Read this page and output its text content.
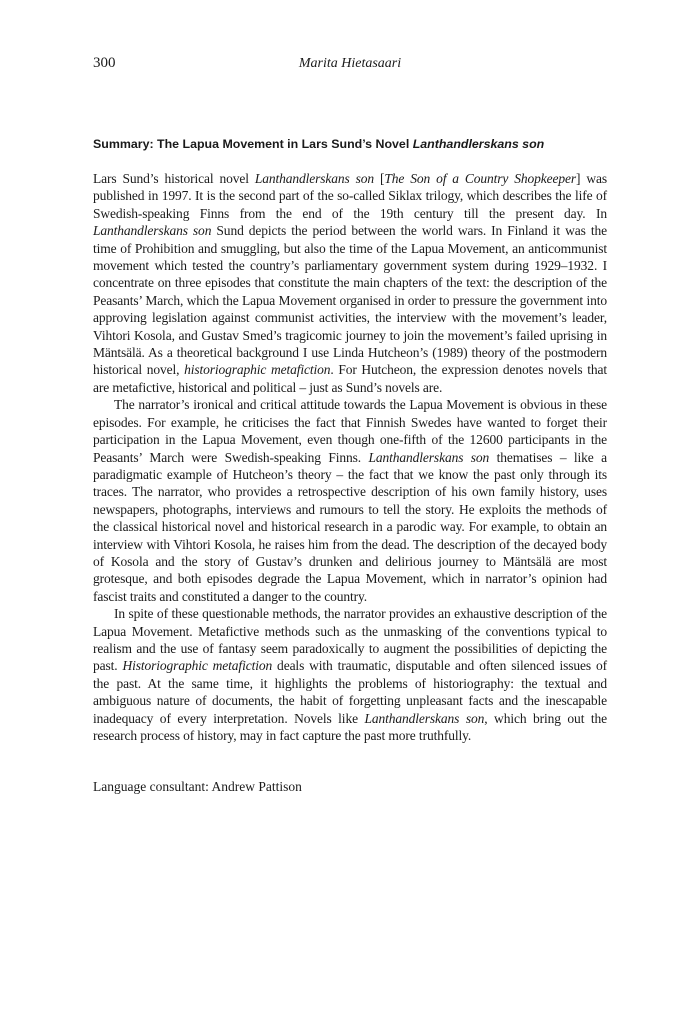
300	Marita Hietasaari
Summary: The Lapua Movement in Lars Sund’s Novel Lanthandlerskans son

Lars Sund’s historical novel Lanthandlerskans son [The Son of a Country Shopkeeper] was published in 1997. It is the second part of the so-called Siklax trilogy, which describes the life of Swedish-speaking Finns from the end of the 19th century till the present day. In Lanthandlerskans son Sund depicts the period between the world wars. In Finland it was the time of Prohibition and smuggling, but also the time of the Lapua Movement, an anticommunist movement which tested the country’s parliamentary government system during 1929–1932. I concentrate on three episodes that constitute the main chapters of the text: the description of the Peasants’ March, which the Lapua Movement organised in order to pressure the government into approving legislation against communist activities, the interview with the movement’s leader, Vihtori Kosola, and Gustav Smed’s tragicomic journey to join the movement’s failed uprising in Mäntsälä. As a theoretical background I use Linda Hutcheon’s (1989) theory of the postmodern historical novel, historiographic metafiction. For Hutcheon, the expression denotes novels that are metafictive, historical and political – just as Sund’s novels are.

The narrator’s ironical and critical attitude towards the Lapua Movement is obvious in these episodes. For example, he criticises the fact that Finnish Swedes have wanted to forget their participation in the Lapua Movement, even though one-fifth of the 12600 participants in the Peasants’ March were Swedish-speaking Finns. Lanthandlerskans son thematises – like a paradigmatic example of Hutcheon’s theory – the fact that we know the past only through its traces. The narrator, who provides a retrospective description of his own family history, uses newspapers, photographs, interviews and rumours to tell the story. He exploits the methods of the classical historical novel and historical research in a parodic way. For example, to obtain an interview with Vihtori Kosola, he raises him from the dead. The description of the decayed body of Kosola and the story of Gustav’s drunken and delirious journey to Mäntsälä are most grotesque, and both episodes degrade the Lapua Movement, which in narrator’s opinion had fascist traits and constituted a danger to the country.

In spite of these questionable methods, the narrator provides an exhaustive description of the Lapua Movement. Metafictive methods such as the unmasking of the conventions typical to realism and the use of fantasy seem paradoxically to augment the possibilities of depicting the past. Historiographic metafiction deals with traumatic, disputable and often silenced issues of the past. At the same time, it highlights the problems of historiography: the textual and ambiguous nature of documents, the habit of forgetting unpleasant facts and the inescapable inadequacy of every interpretation. Novels like Lanthandlerskans son, which bring out the research process of history, may in fact capture the past more truthfully.

Language consultant: Andrew Pattison
